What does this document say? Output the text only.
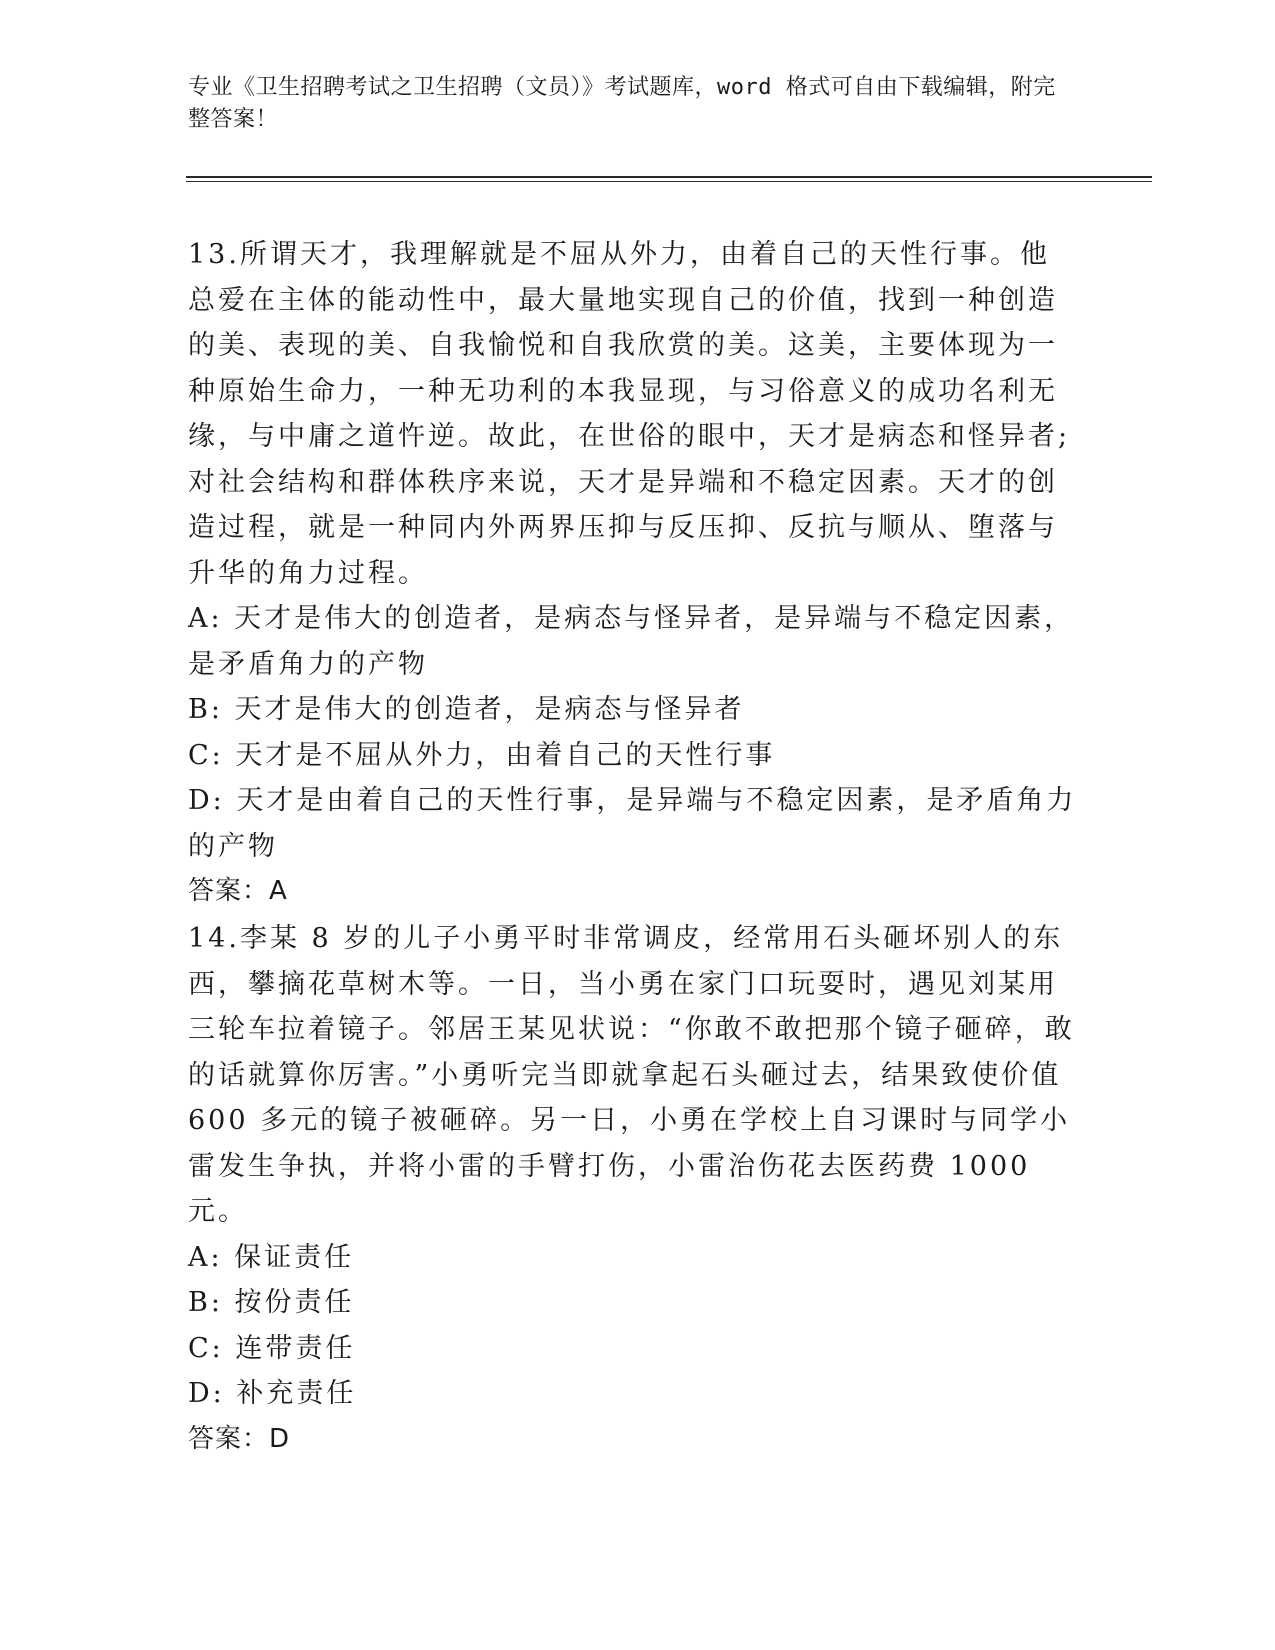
专业《卫生招聘考试之卫生招聘（文员）》考试题库，word 格式可自由下载编辑，附完整答案！

13.所谓天才，我理解就是不屈从外力，由着自己的天性行事。他总爱在主体的能动性中，最大量地实现自己的价值，找到一种创造的美、表现的美、自我愉悦和自我欣赏的美。这美，主要体现为一种原始生命力，一种无功利的本我显现，与习俗意义的成功名利无缘，与中庸之道忤逆。故此，在世俗的眼中，天才是病态和怪异者;对社会结构和群体秩序来说，天才是异端和不稳定因素。天才的创造过程，就是一种同内外两界压抑与反压抑、反抗与顺从、堕落与升华的角力过程。

A: 天才是伟大的创造者，是病态与怪异者，是异端与不稳定因素，是矛盾角力的产物

B: 天才是伟大的创造者，是病态与怪异者

C: 天才是不屈从外力，由着自己的天性行事

D: 天才是由着自己的天性行事，是异端与不稳定因素，是矛盾角力的产物

答案：A

14.李某 8 岁的儿子小勇平时非常调皮，经常用石头砸坏别人的东西，攀摘花草树木等。一日，当小勇在家门口玩耍时，遇见刘某用三轮车拉着镜子。邻居王某见状说：“你敢不敢把那个镜子砸碎，敢的话就算你厉害。”小勇听完当即就拿起石头砸过去，结果致使价值 600 多元的镜子被砸碎。另一日，小勇在学校上自习课时与同学小雷发生争执，并将小雷的手臂打伤，小雷治伤花去医药费 1000 元。

A: 保证责任

B: 按份责任

C: 连带责任

D: 补充责任

答案：D
